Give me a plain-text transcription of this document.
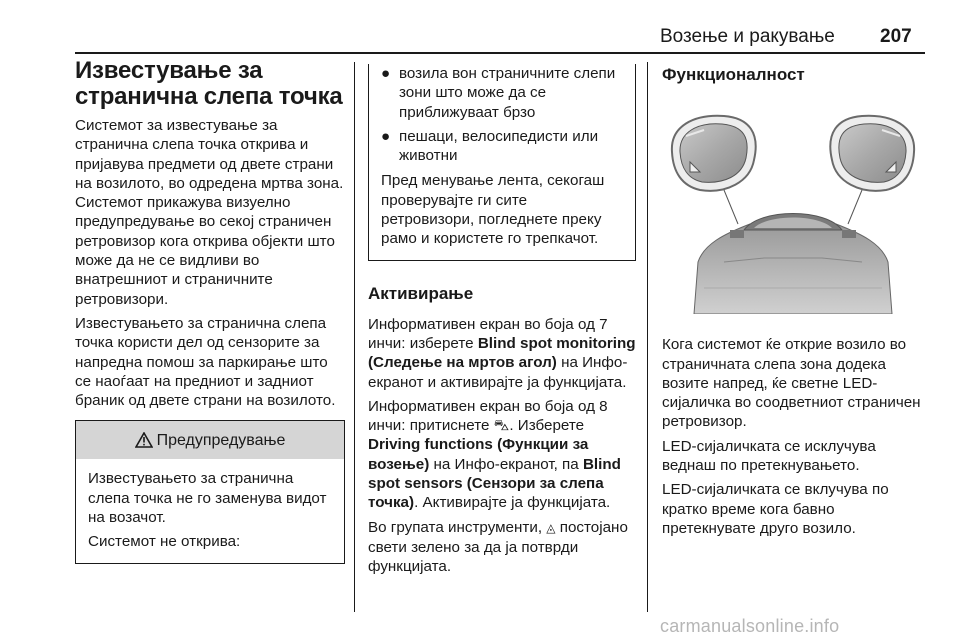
Возење и ракување 207
Известување за странична слепа точка

Системот за известување за странична слепа точка открива и пријавува предмети од двете страни на возилото, во одредена мртва зона. Системот прикажува визуелно предупредување во секој страничен ретровизор кога открива објекти што може да не се видливи во внатрешниот и страничните ретровизори.

Известувањето за странична слепа точка користи дел од сензорите за напредна помош за паркирање што се наоѓаат на предниот и задниот браник од двете страни на возилото.

Предупредување

Известувањето за странична слепа точка не го заменува видот на возачот.

Системот не открива:

● возила вон страничните слепи зони што може да се приближуваат брзо
● пешаци, велосипедисти или животни

Пред менување лента, секогаш проверувајте ги сите ретровизори, погледнете преку рамо и користете го трепкачот.

Активирање

Информативен екран во боја од 7 инчи: изберете Blind spot monitoring (Следење на мртов агол) на Инфо-екранот и активирајте ја функцијата.

Информативен екран во боја од 8 инчи: притиснете ⛍. Изберете Driving functions (Функции за возење) на Инфо-екранот, па Blind spot sensors (Сензори за слепа точка). Активирајте ја функцијата.

Во групата инструменти, ◬ постојано свети зелено за да ја потврди функцијата.

Функционалност

Кога системот ќе открие возило во страничната слепа зона додека возите напред, ќе светне LED-сијаличка во соодветниот страничен ретровизор.

LED-сијаличката се исклучува веднаш по претекнувањето.

LED-сијаличката се вклучува по кратко време кога бавно претекнувате друго возило.

carmanualsonline.info
